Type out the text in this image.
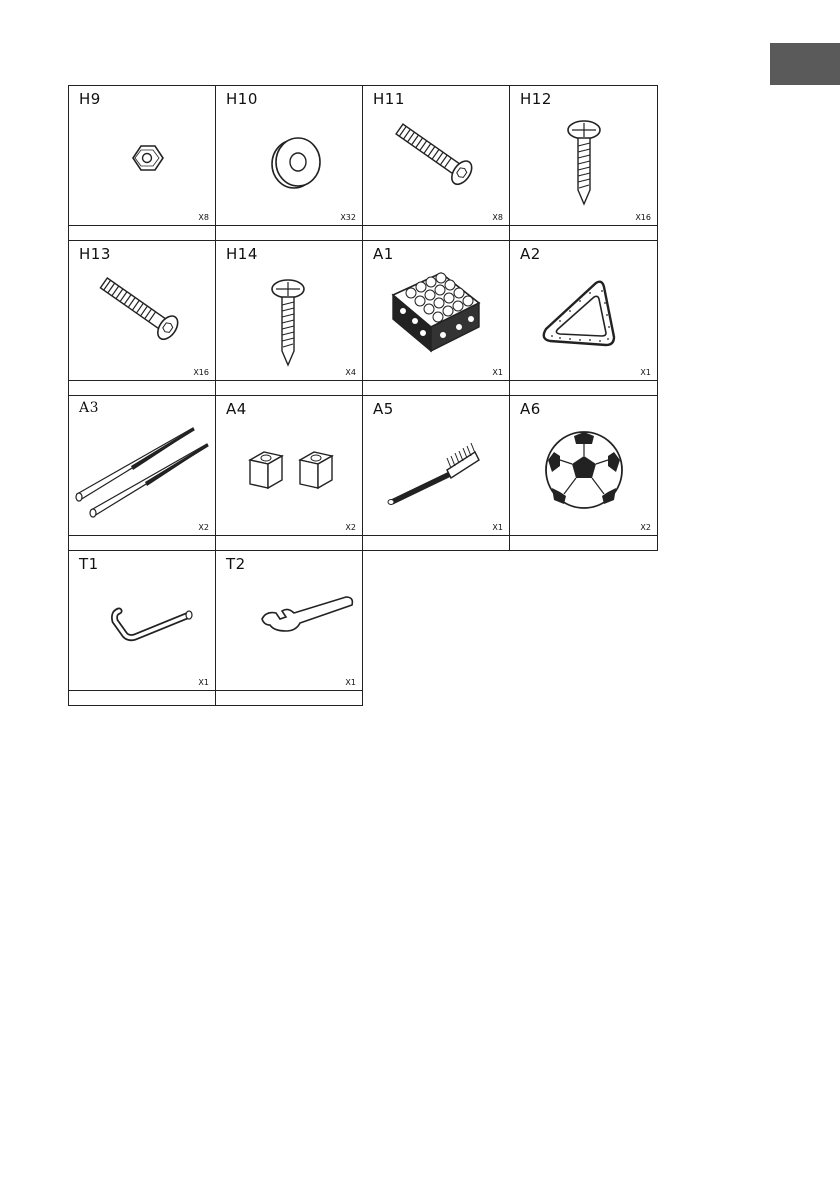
H9
X8
H10
X32
H11
X8
H12
X16
H13
X16
H14
X4
A1
X1
A2
X1
A3
X2
A4
X2
A5
X1
A6
X2
T1
X1
T2
X1
